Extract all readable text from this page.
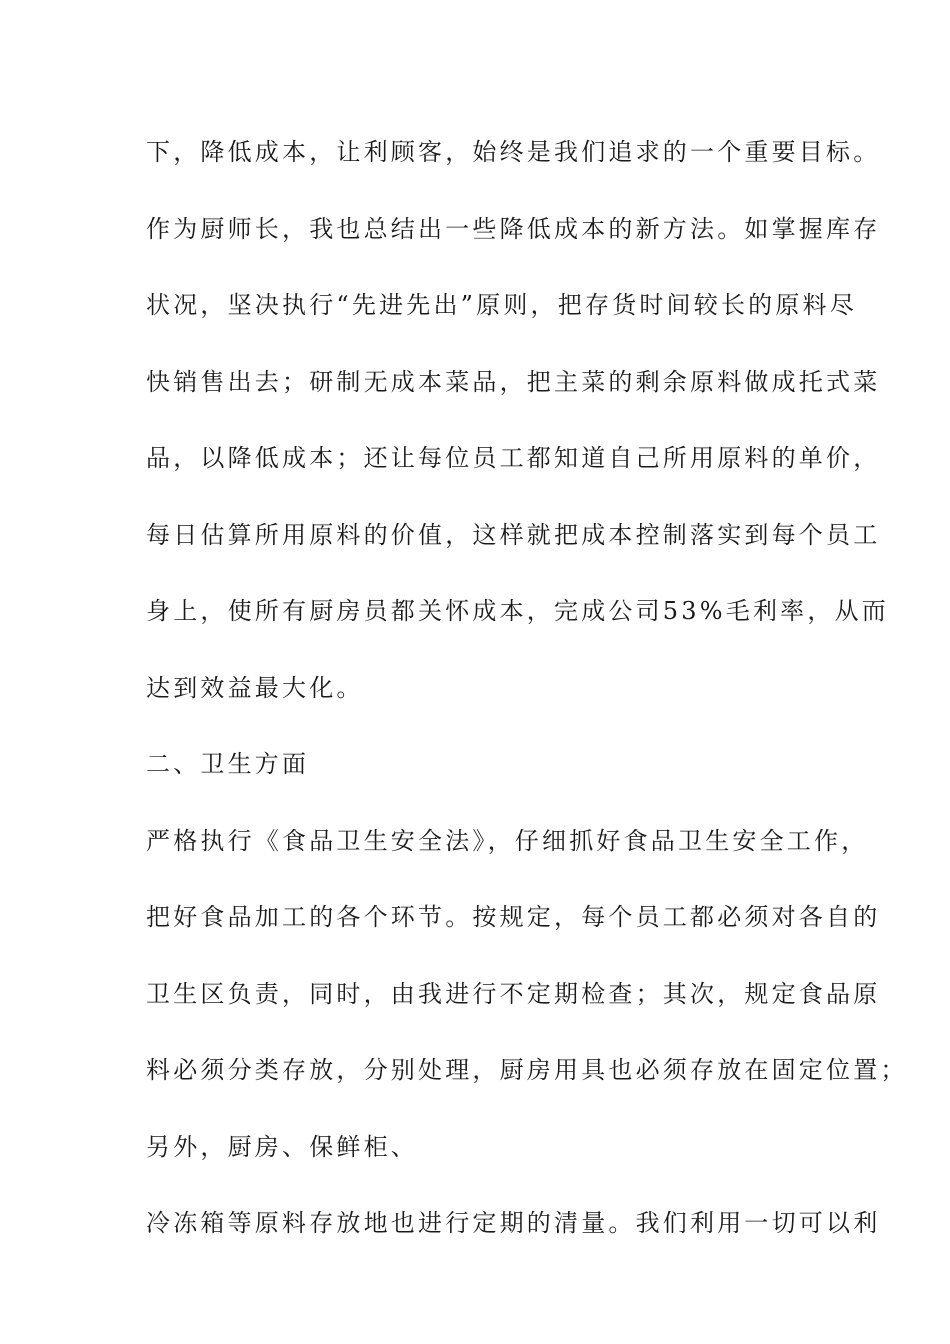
下，降低成本，让利顾客，始终是我们追求的一个重要目标。
作为厨师长，我也总结出一些降低成本的新方法。如掌握库存
状况，坚决执行“先进先出”原则，把存货时间较长的原料尽
快销售出去；研制无成本菜品，把主菜的剩余原料做成托式菜
品，以降低成本；还让每位员工都知道自己所用原料的单价，
每日估算所用原料的价值，这样就把成本控制落实到每个员工
身上，使所有厨房员都关怀成本，完成公司53%毛利率，从而
达到效益最大化。
二、卫生方面
严格执行《食品卫生安全法》，仔细抓好食品卫生安全工作，
把好食品加工的各个环节。按规定，每个员工都必须对各自的
卫生区负责，同时，由我进行不定期检查；其次，规定食品原
料必须分类存放，分别处理，厨房用具也必须存放在固定位置；
另外，厨房、保鲜柜、
冷冻箱等原料存放地也进行定期的清量。我们利用一切可以利
